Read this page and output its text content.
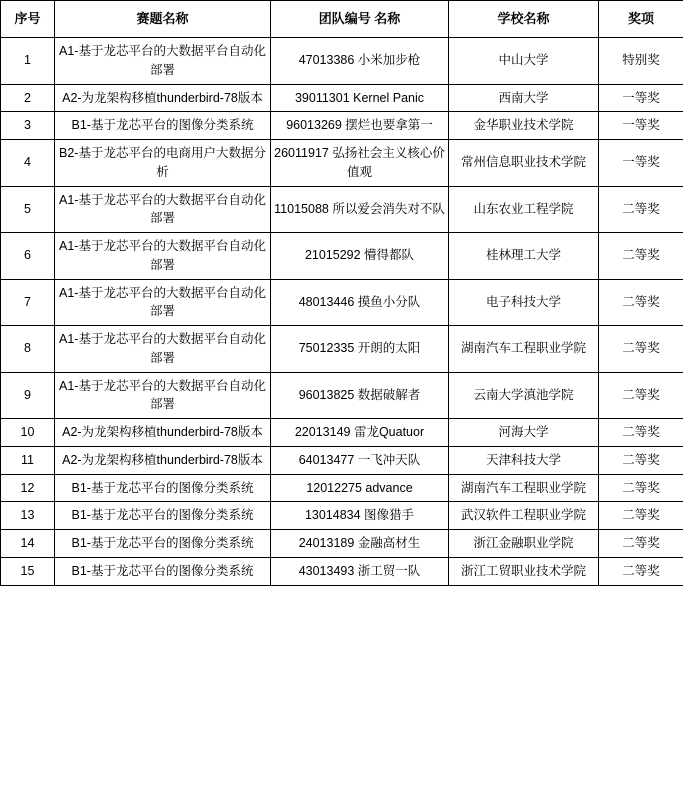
序号	赛题名称	团队编号 名称	学校名称	奖项
1	A1-基于龙芯平台的大数据平台自动化部署	47013386 小米加步枪	中山大学	特别奖
2	A2-为龙架构移植thunderbird-78版本	39011301 Kernel Panic	西南大学	一等奖
3	B1-基于龙芯平台的图像分类系统	96013269 摆烂也要拿第一	金华职业技术学院	一等奖
4	B2-基于龙芯平台的电商用户大数据分析	26011917 弘扬社会主义核心价值观	常州信息职业技术学院	一等奖
5	A1-基于龙芯平台的大数据平台自动化部署	11015088 所以爱会消失对不队	山东农业工程学院	二等奖
6	A1-基于龙芯平台的大数据平台自动化部署	21015292 懵得都队	桂林理工大学	二等奖
7	A1-基于龙芯平台的大数据平台自动化部署	48013446 摸鱼小分队	电子科技大学	二等奖
8	A1-基于龙芯平台的大数据平台自动化部署	75012335 开朗的太阳	湖南汽车工程职业学院	二等奖
9	A1-基于龙芯平台的大数据平台自动化部署	96013825 数据破解者	云南大学滇池学院	二等奖
10	A2-为龙架构移植thunderbird-78版本	22013149 雷龙Quatuor	河海大学	二等奖
11	A2-为龙架构移植thunderbird-78版本	64013477 一飞冲天队	天津科技大学	二等奖
12	B1-基于龙芯平台的图像分类系统	12012275 advance	湖南汽车工程职业学院	二等奖
13	B1-基于龙芯平台的图像分类系统	13014834 图像猎手	武汉软件工程职业学院	二等奖
14	B1-基于龙芯平台的图像分类系统	24013189 金融高材生	浙江金融职业学院	二等奖
15	B1-基于龙芯平台的图像分类系统	43013493 浙工贸一队	浙江工贸职业技术学院	二等奖
